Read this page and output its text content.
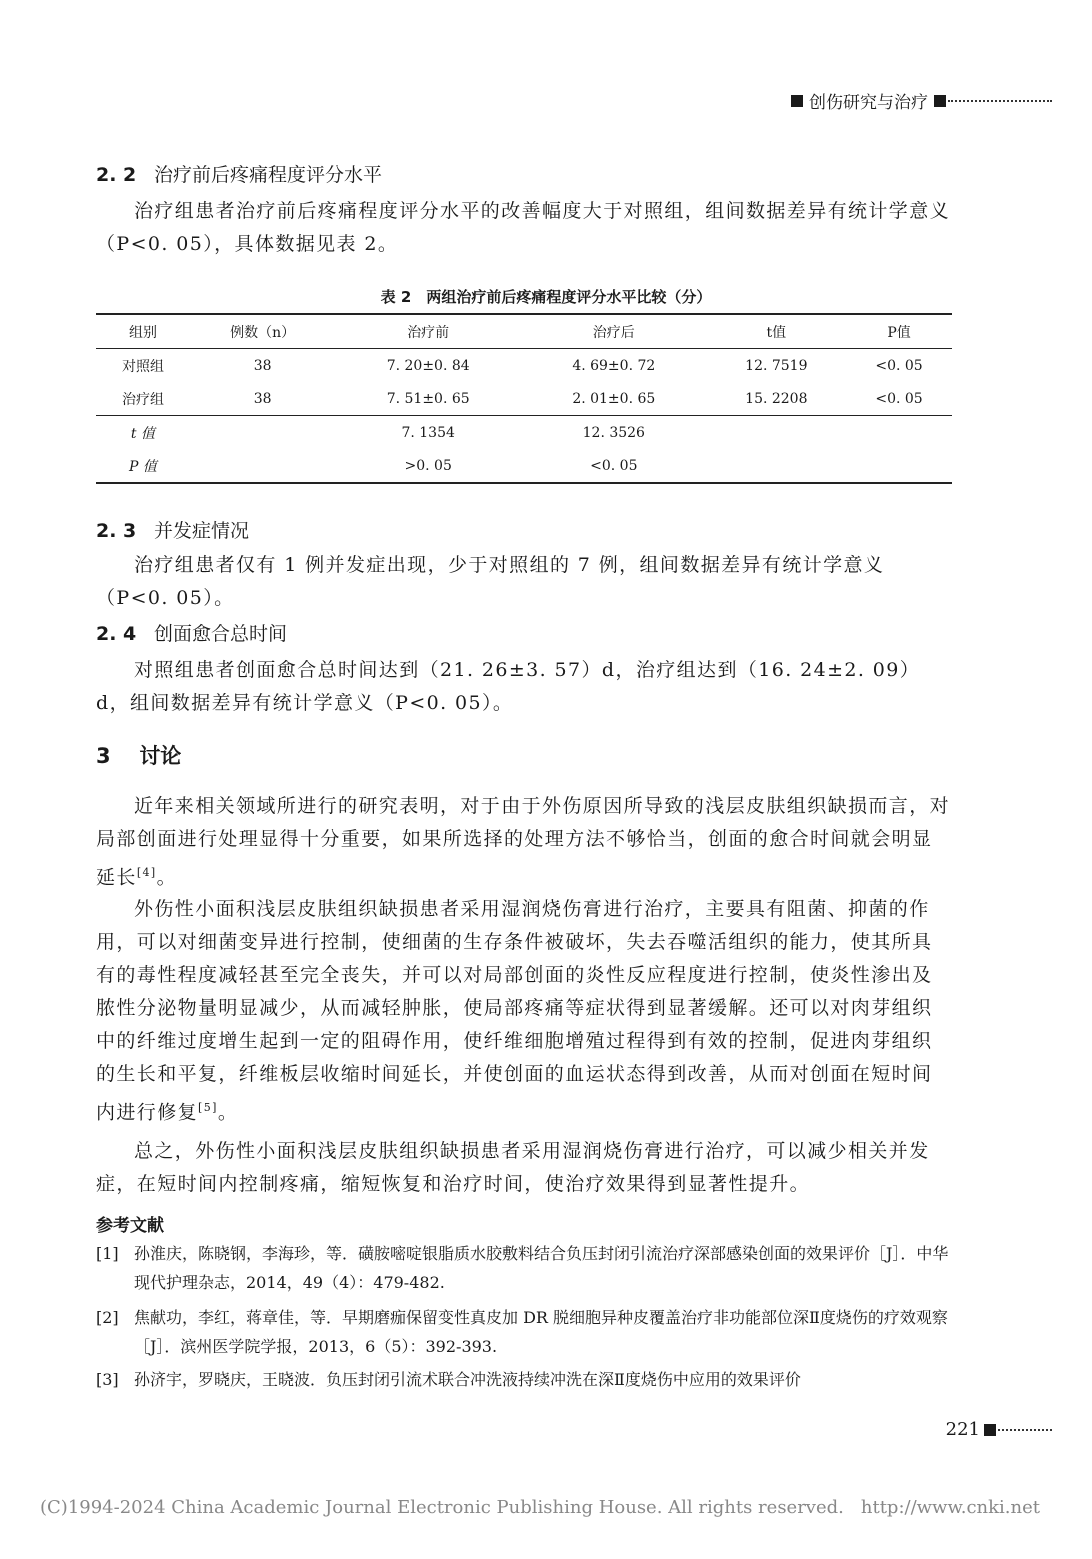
创伤研究与治疗
2. 2 治疗前后疼痛程度评分水平

治疗组患者治疗前后疼痛程度评分水平的改善幅度大于对照组，组间数据差异有统计学意义（P<0. 05），具体数据见表 2。

表 2　两组治疗前后疼痛程度评分水平比较（分）
组别	例数（n）	治疗前	治疗后	t值	P值
对照组	38	7. 20±0. 84	4. 69±0. 72	12. 7519	<0. 05
治疗组	38	7. 51±0. 65	2. 01±0. 65	15. 2208	<0. 05
t 值		7. 1354	12. 3526		
P 值		>0. 05	<0. 05		
2. 3 并发症情况

治疗组患者仅有 1 例并发症出现，少于对照组的 7 例，组间数据差异有统计学意义（P<0. 05）。

2. 4 创面愈合总时间

对照组患者创面愈合总时间达到（21. 26±3. 57）d，治疗组达到（16. 24±2. 09）d，组间数据差异有统计学意义（P<0. 05）。

3 讨论

近年来相关领域所进行的研究表明，对于由于外伤原因所导致的浅层皮肤组织缺损而言，对局部创面进行处理显得十分重要，如果所选择的处理方法不够恰当，创面的愈合时间就会明显延长[4]。

外伤性小面积浅层皮肤组织缺损患者采用湿润烧伤膏进行治疗，主要具有阻菌、抑菌的作用，可以对细菌变异进行控制，使细菌的生存条件被破坏，失去吞噬活组织的能力，使其所具有的毒性程度减轻甚至完全丧失，并可以对局部创面的炎性反应程度进行控制，使炎性渗出及脓性分泌物量明显减少，从而减轻肿胀，使局部疼痛等症状得到显著缓解。还可以对肉芽组织中的纤维过度增生起到一定的阻碍作用，使纤维细胞增殖过程得到有效的控制，促进肉芽组织的生长和平复，纤维板层收缩时间延长，并使创面的血运状态得到改善，从而对创面在短时间内进行修复[5]。

总之，外伤性小面积浅层皮肤组织缺损患者采用湿润烧伤膏进行治疗，可以减少相关并发症，在短时间内控制疼痛，缩短恢复和治疗时间，使治疗效果得到显著性提升。

参考文献
[1] 孙淮庆，陈晓钢，李海珍，等．磺胺嘧啶银脂质水胶敷料结合负压封闭引流治疗深部感染创面的效果评价［J］．中华现代护理杂志，2014，49（4）：479-482.
[2] 焦献功，李红，蒋章佳，等．早期磨痂保留变性真皮加 DR 脱细胞异种皮覆盖治疗非功能部位深Ⅱ度烧伤的疗效观察［J］．滨州医学院学报，2013，6（5）：392-393.
[3] 孙济宇，罗晓庆，王晓波．负压封闭引流术联合冲洗液持续冲洗在深Ⅱ度烧伤中应用的效果评价
221
(C)1994-2024 China Academic Journal Electronic Publishing House. All rights reserved. http://www.cnki.net
